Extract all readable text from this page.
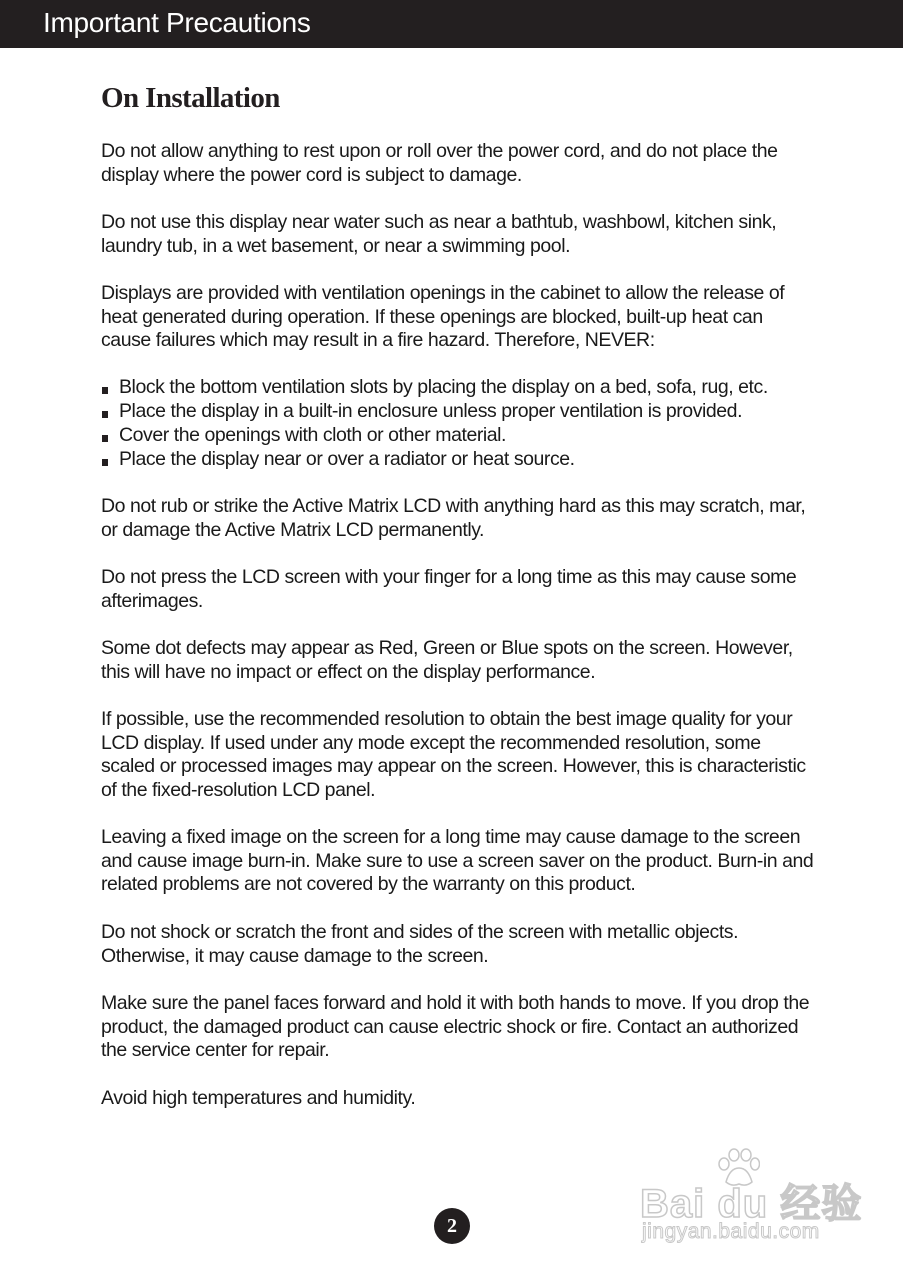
Important Precautions
On Installation

Do not allow anything to rest upon or roll over the power cord, and do not place the display where the power cord is subject to damage.

Do not use this display near water such as near a bathtub, washbowl, kitchen sink, laundry tub, in a wet basement, or near a swimming pool.

Displays are provided with ventilation openings in the cabinet to allow the release of heat generated during operation. If these openings are blocked, built-up heat can cause failures which may result in a fire hazard. Therefore, NEVER:

Block the bottom ventilation slots by placing the display on a bed, sofa, rug, etc.
Place the display in a built-in enclosure unless proper ventilation is provided.
Cover the openings with cloth or other material.
Place the display near or over a radiator or heat source.

Do not rub or strike the Active Matrix LCD with anything hard as this may scratch, mar, or damage the Active Matrix LCD permanently.

Do not press the LCD screen with your finger for a long time as this may cause some afterimages.

Some dot defects may appear as Red, Green or Blue spots on the screen. However, this will have no impact or effect on the display performance.

If possible, use the recommended resolution to obtain the best image quality for your LCD display. If used under any mode except the recommended resolution, some scaled or processed images may appear on the screen. However, this is characteristic of the fixed-resolution LCD panel.

Leaving a fixed image on the screen for a long time may cause damage to the screen and cause image burn-in. Make sure to use a screen saver on the product. Burn-in and related problems are not covered by the warranty on this product.

Do not shock or scratch the front and sides of the screen with metallic objects. Otherwise, it may cause damage to the screen.

Make sure the panel faces forward and hold it with both hands to move. If you drop the product, the damaged product can cause electric shock or fire. Contact an authorized the service center for repair.

Avoid high temperatures and humidity.

2	Bai du 经验
jingyan.baidu.com
